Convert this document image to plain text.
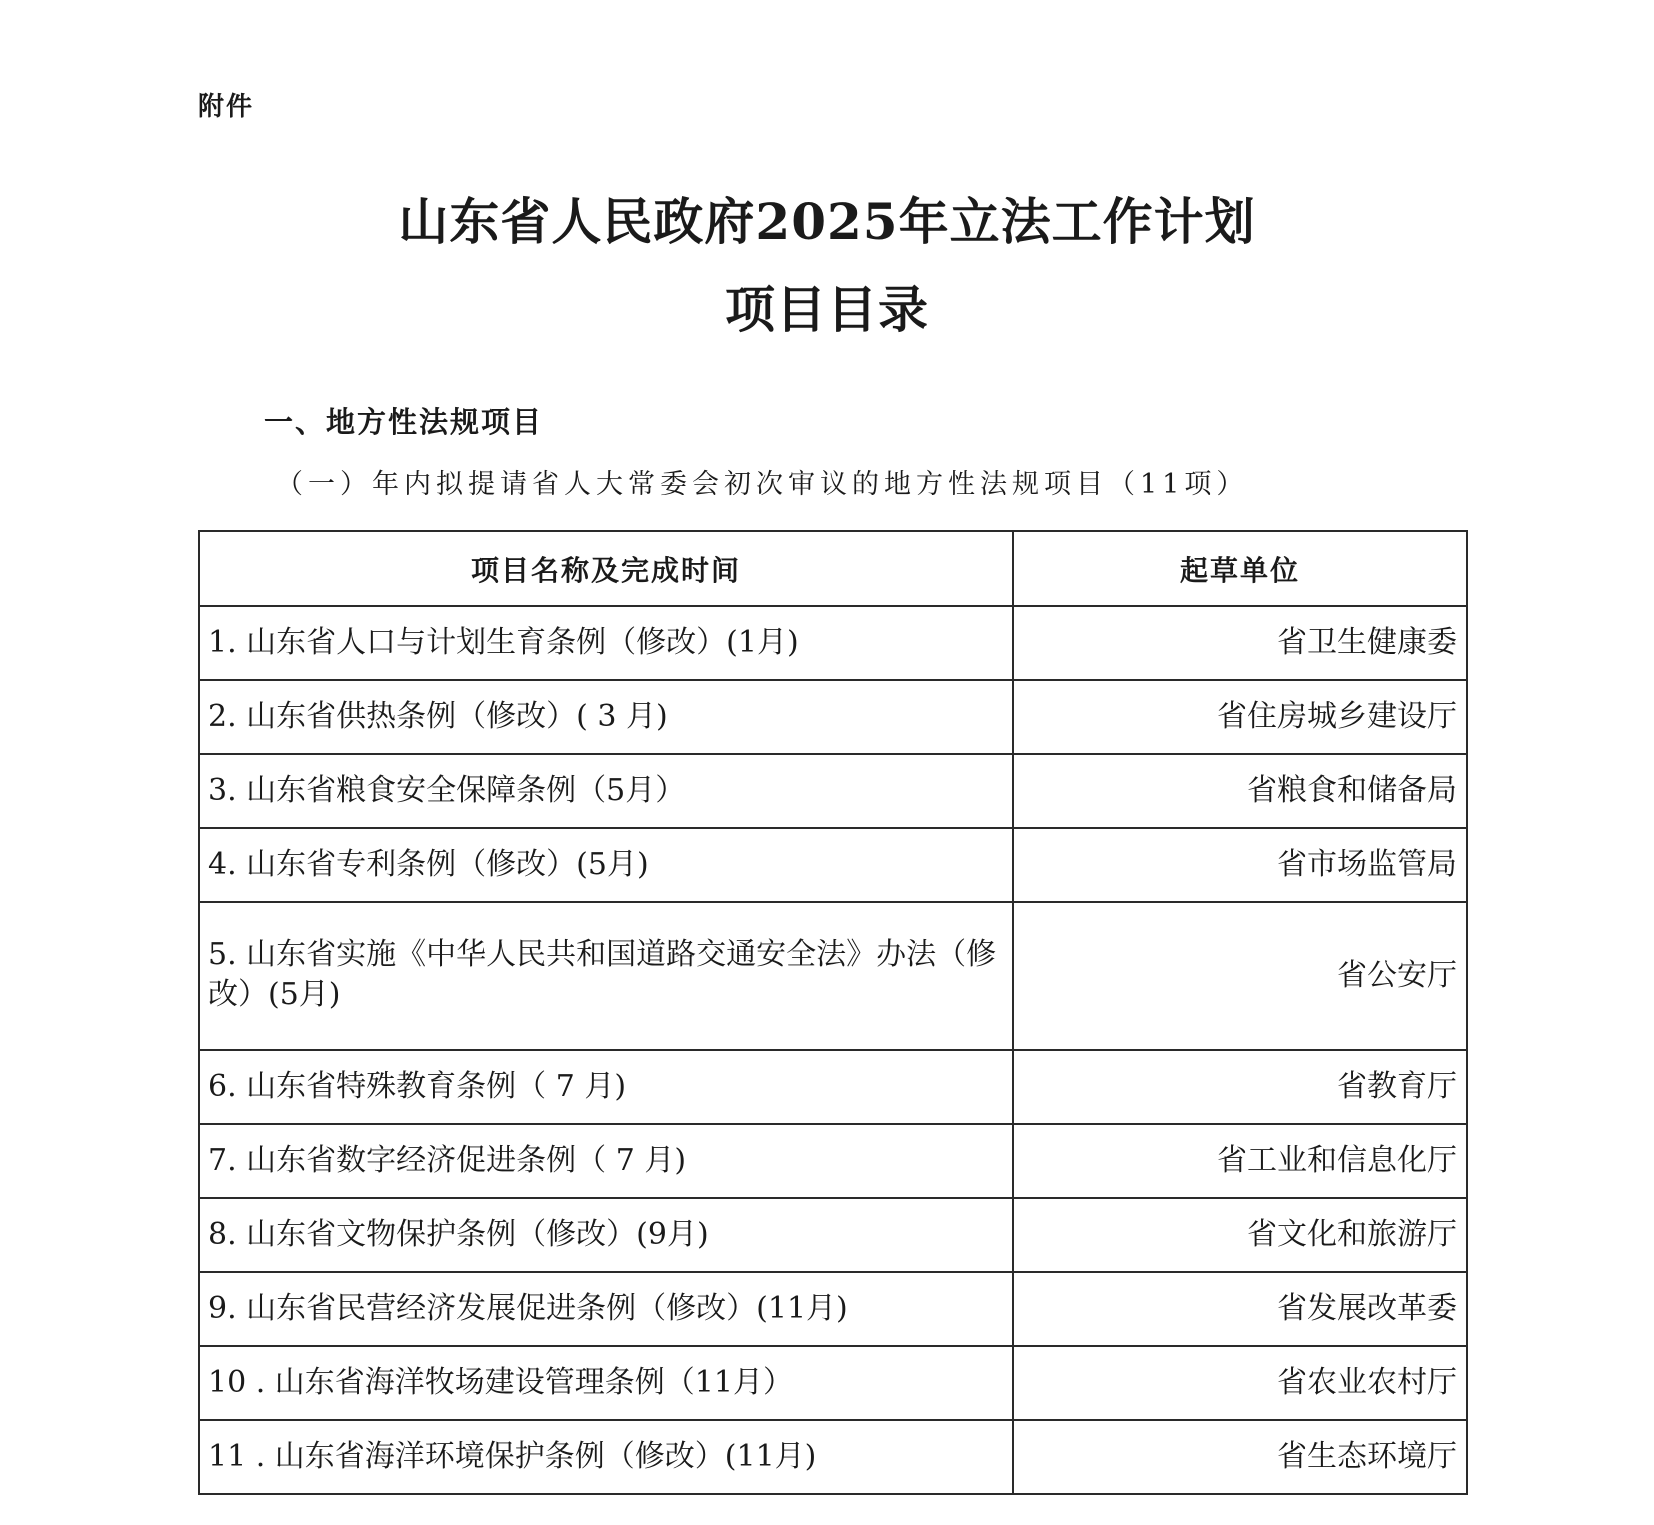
附件
山东省人民政府2025年立法工作计划
项目目录
一、地方性法规项目
（一）年内拟提请省人大常委会初次审议的地方性法规项目（11项）
项目名称及完成时间	起草单位
1. 山东省人口与计划生育条例（修改）(1月)	省卫生健康委
2. 山东省供热条例（修改）( 3 月)	省住房城乡建设厅
3. 山东省粮食安全保障条例（5月）	省粮食和储备局
4. 山东省专利条例（修改）(5月)	省市场监管局
5. 山东省实施《中华人民共和国道路交通安全法》办法（修改）(5月)	省公安厅
6. 山东省特殊教育条例（ 7 月)	省教育厅
7. 山东省数字经济促进条例（ 7 月)	省工业和信息化厅
8. 山东省文物保护条例（修改）(9月)	省文化和旅游厅
9. 山东省民营经济发展促进条例（修改）(11月)	省发展改革委
10 . 山东省海洋牧场建设管理条例（11月）	省农业农村厅
11 . 山东省海洋环境保护条例（修改）(11月)	省生态环境厅
